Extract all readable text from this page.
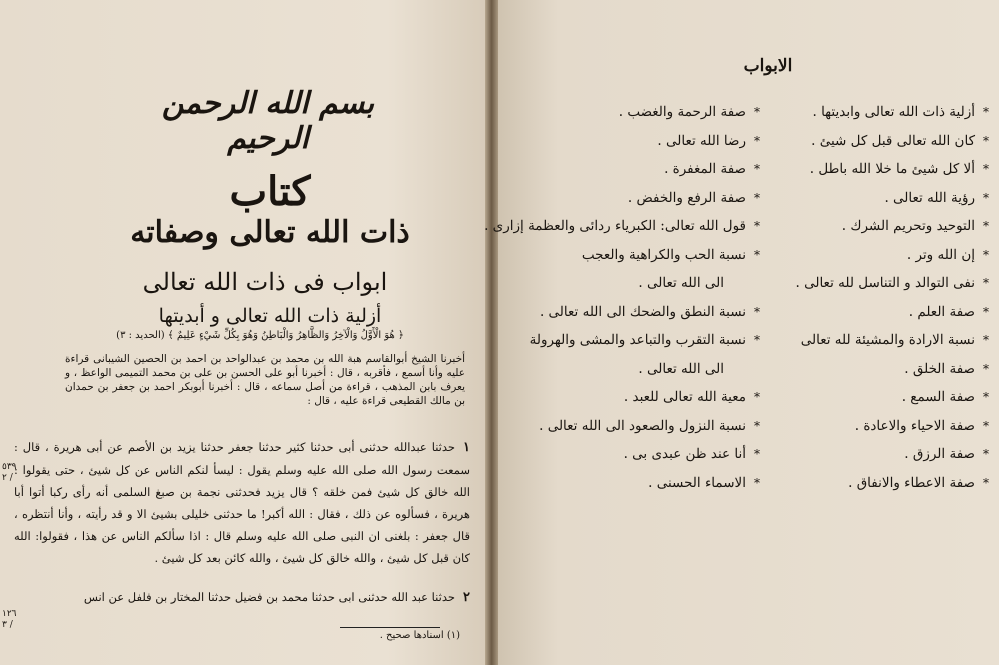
بسم الله الرحمن الرحيم
كتاب
ذات الله تعالى وصفاته
ابواب فى ذات الله تعالى
أزلية ذات الله تعالى و أبديتها
﴿ هُوَ الْأَوَّلُ وَالْآخِرُ وَالظَّاهِرُ وَالْبَاطِنُ وَهُوَ بِكُلِّ شَيْءٍ عَلِيمٌ ﴾ (الحديد : ٣)
أخبرنا الشيخ أبوالقاسم هبة الله بن محمد بن عبدالواحد بن احمد بن الحصين الشيبانى قراءة عليه وأنا أسمع ، فأقربه ، قال : أخبرنا أبو على الحسن بن على بن محمد التميمى الواعظ ، و يعرف بابن المذهب ، قراءة من أصل سماعه ، قال : أخبرنا أبوبكر احمد بن جعفر بن حمدان بن مالك القطيعى قراءة عليه ، قال :
١حدثنا عبدالله حدثنى أبى حدثنا كثير حدثنا جعفر حدثنا يزيد بن الأصم عن أبى هريرة ، قال : سمعت رسول الله صلى الله عليه وسلم يقول : ليسأ لنكم الناس عن كل شيئ ، حتى يقولوا : الله خالق كل شيئ فمن خلقه ؟ قال يزيد فحدثنى نجمة بن صبغ السلمى أنه رأى ركبا أتوا أبا هريرة ، فسألوه عن ذلك ، فقال : الله أكبر! ما حدثنى خليلى بشيئ الا و قد رأيته ، وأنا أنتظره ، قال جعفر : بلغنى ان النبى صلى الله عليه وسلم قال : اذا سألكم الناس عن هذا ، فقولوا: الله كان قبل كل شيئ ، والله خالق كل شيئ ، والله كائن بعد كل شيئ .
٢حدثنا عبد الله حدثنى ابى حدثنا محمد بن فضيل حدثنا المختار بن فلفل عن انس
(١) اسنادها صحيح .
٥٣٩ / ٢
١٢٦ / ٣
الابواب
*أزلية ذات الله تعالى وابديتها .
*كان الله تعالى قبل كل شيئ .
*ألا كل شيئ ما خلا الله باطل .
*رؤية الله تعالى .
*التوحيد وتحريم الشرك .
*إن الله وتر .
*نفى التوالد و التناسل لله تعالى .
*صفة العلم .
*نسبة الارادة والمشيئة لله تعالى
*صفة الخلق .
*صفة السمع .
*صفة الاحياء والاعادة .
*صفة الرزق .
*صفة الاعطاء والانفاق .
*صفة الرحمة والغضب .
*رضا الله تعالى .
*صفة المغفرة .
*صفة الرفع والخفض .
*قول الله تعالى: الكبرياء ردائى والعظمة إزارى .
*نسبة الحب والكراهية والعجب
الى الله تعالى .
*نسبة النطق والضحك الى الله تعالى .
*نسبة التقرب والتباعد والمشى والهرولة
الى الله تعالى .
*معية الله تعالى للعبد .
*نسبة النزول والصعود الى الله تعالى .
*أنا عند ظن عبدى بى .
*الاسماء الحسنى .
